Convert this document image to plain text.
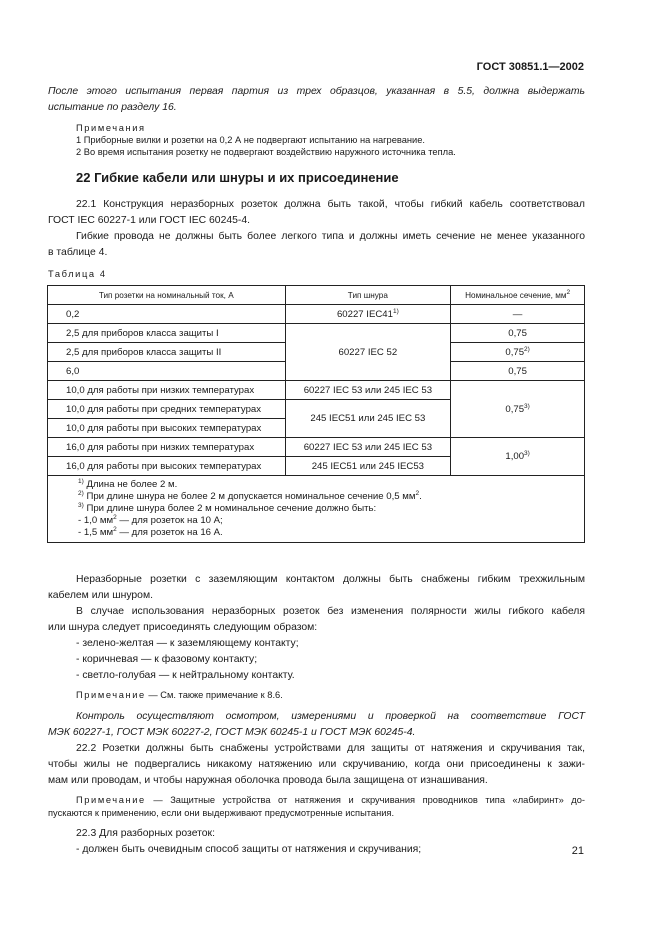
ГОСТ 30851.1—2002

После этого испытания первая партия из трех образцов, указанная в 5.5, должна выдержать

испытание по разделу 16.

Примечания

1 Приборные вилки и розетки на 0,2 А не подвергают испытанию на нагревание.

2 Во время испытания розетку не подвергают воздействию наружного источника тепла.

22 Гибкие кабели или шнуры и их присоединение

22.1 Конструкция неразборных розеток должна быть такой, чтобы гибкий кабель соответствовал

ГОСТ IEC 60227-1 или ГОСТ IEC 60245-4.

Гибкие провода не должны быть более легкого типа и должны иметь сечение не менее указанного

в таблице 4.

Таблица 4

Тип розетки на номинальный ток, А	Тип шнура	Номинальное сечение, $мм^2$
0,2	60227 IEC41$^{1)}$	—
2,5 для приборов класса защиты I	60227 IEC 52	0,75
2,5 для приборов класса защиты II		0,75$^{2)}$
6,0		0,75
10,0 для работы при низких температурах	60227 IEC 53 или 245 IEC 53	0,75$^{3)}$
10,0 для работы при средних температурах	245 IEC51 или 245 IEC 53	
10,0 для работы при высоких температурах		
16,0 для работы при низких температурах	60227 IEC 53 или 245 IEC 53	1,00$^{3)}$
16,0 для работы при высоких температурах	245 IEC51 или 245 IEC53	

$^{1)}$ Длина не более 2 м.
$^{2)}$ При длине шнура не более 2 м допускается номинальное сечение 0,5 $мм^2$.
$^{3)}$ При длине шнура более 2 м номинальное сечение должно быть:
- 1,0 $мм^2$ — для розеток на 10 А;
- 1,5 $мм^2$ — для розеток на 16 А.		

Неразборные розетки с заземляющим контактом должны быть снабжены гибким трехжильным

кабелем или шнуром.

В случае использования неразборных розеток без изменения полярности жилы гибкого кабеля

или шнура следует присоединять следующим образом:

- зелено-желтая — к заземляющему контакту;

- коричневая — к фазовому контакту;

- светло-голубая — к нейтральному контакту.

Примечание — См. также примечание к 8.6.

Контроль осуществляют осмотром, измерениями и проверкой на соответствие ГОСТ

МЭК 60227-1, ГОСТ МЭК 60227-2, ГОСТ МЭК 60245-1 и ГОСТ МЭК 60245-4.

22.2 Розетки должны быть снабжены устройствами для защиты от натяжения и скручивания так,

чтобы жилы не подвергались никакому натяжению или скручиванию, когда они присоединены к зажи-

мам или проводам, и чтобы наружная оболочка провода была защищена от изнашивания.

Примечание — Защитные устройства от натяжения и скручивания проводников типа «лабиринт» до-

пускаются к применению, если они выдерживают предусмотренные испытания.

22.3 Для разборных розеток:

- должен быть очевидным способ защиты от натяжения и скручивания;	21
